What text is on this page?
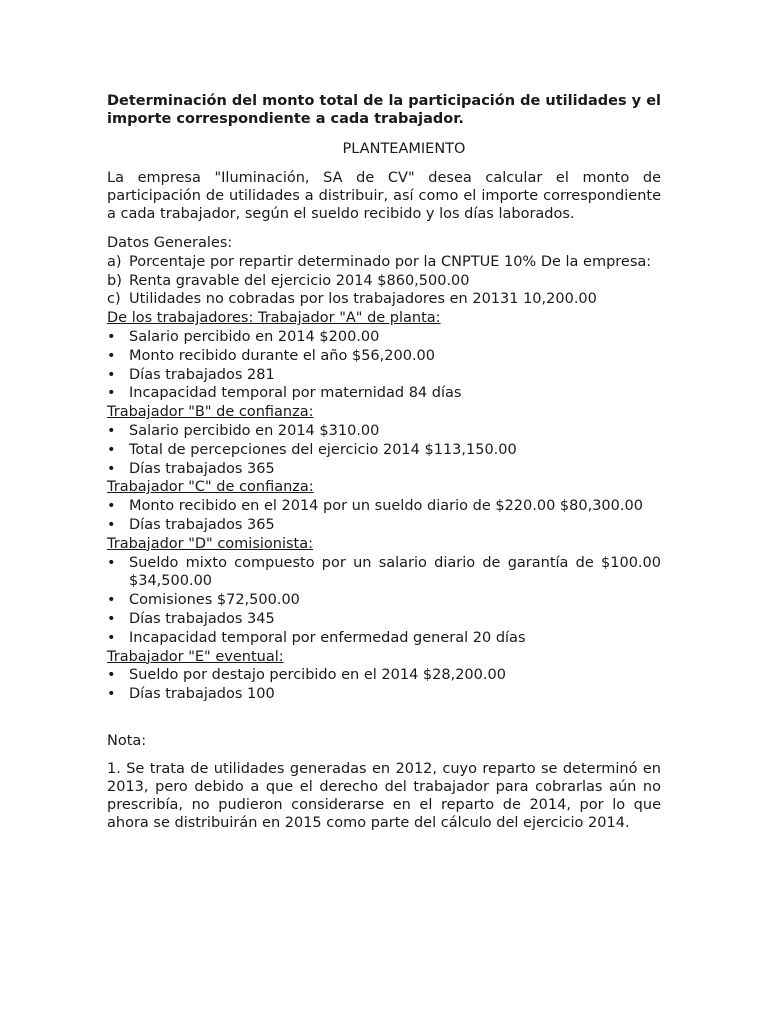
Determinación del monto total de la participación de utilidades y el importe correspondiente a cada trabajador.

PLANTEAMIENTO

La empresa "Iluminación, SA de CV" desea calcular el monto de participación de utilidades a distribuir, así como el importe correspondiente a cada trabajador, según el sueldo recibido y los días laborados.

Datos Generales:

a) Porcentaje por repartir determinado por la CNPTUE 10% De la empresa:
b) Renta gravable del ejercicio 2014 $860,500.00
c) Utilidades no cobradas por los trabajadores en 20131 10,200.00

De los trabajadores: Trabajador "A" de planta:

• Salario percibido en 2014 $200.00
• Monto recibido durante el año $56,200.00
• Días trabajados 281
• Incapacidad temporal por maternidad 84 días

Trabajador "B" de confianza:

• Salario percibido en 2014 $310.00
• Total de percepciones del ejercicio 2014 $113,150.00
• Días trabajados 365

Trabajador "C" de confianza:

• Monto recibido en el 2014 por un sueldo diario de $220.00 $80,300.00
• Días trabajados 365

Trabajador "D" comisionista:

• Sueldo mixto compuesto por un salario diario de garantía de $100.00 $34,500.00
• Comisiones $72,500.00
• Días trabajados 345
• Incapacidad temporal por enfermedad general 20 días

Trabajador "E" eventual:

• Sueldo por destajo percibido en el 2014 $28,200.00
• Días trabajados 100

Nota:

1. Se trata de utilidades generadas en 2012, cuyo reparto se determinó en 2013, pero debido a que el derecho del trabajador para cobrarlas aún no prescribía, no pudieron considerarse en el reparto de 2014, por lo que ahora se distribuirán en 2015 como parte del cálculo del ejercicio 2014.
